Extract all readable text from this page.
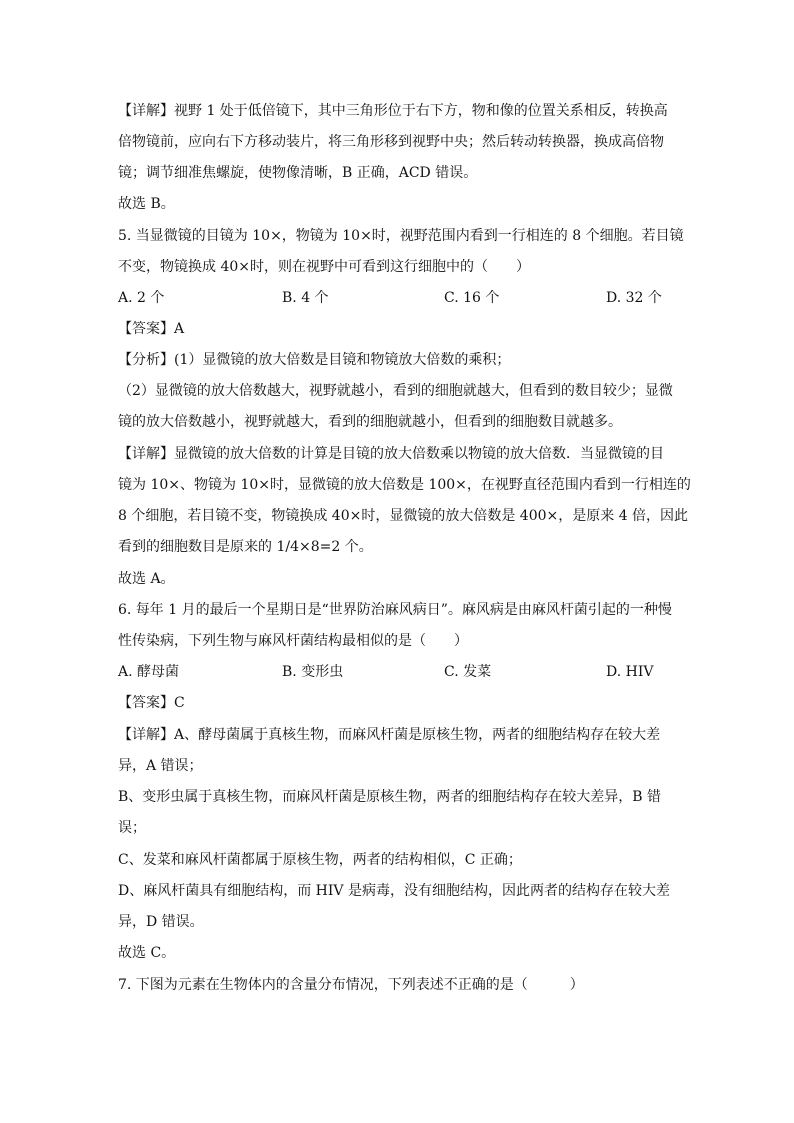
【详解】视野 1 处于低倍镜下，其中三角形位于右下方，物和像的位置关系相反，转换高
倍物镜前，应向右下方移动装片，将三角形移到视野中央；然后转动转换器，换成高倍物
镜；调节细准焦螺旋，使物像清晰，B 正确，ACD 错误。
故选 B。
5. 当显微镜的目镜为 10×，物镜为 10×时，视野范围内看到一行相连的 8 个细胞。若目镜
不变，物镜换成 40×时，则在视野中可看到这行细胞中的（　　）
A. 2 个	B. 4 个	C. 16 个	D. 32 个
【答案】A
【分析】(1）显微镜的放大倍数是目镜和物镜放大倍数的乘积；
（2）显微镜的放大倍数越大，视野就越小，看到的细胞就越大，但看到的数目较少；显微
镜的放大倍数越小，视野就越大，看到的细胞就越小，但看到的细胞数目就越多。
【详解】显微镜的放大倍数的计算是目镜的放大倍数乘以物镜的放大倍数．当显微镜的目
镜为 10×、物镜为 10×时，显微镜的放大倍数是 100×，在视野直径范围内看到一行相连的
8 个细胞，若目镜不变，物镜换成 40×时，显微镜的放大倍数是 400×，是原来 4 倍，因此
看到的细胞数目是原来的 1/4×8=2 个。
故选 A。
6. 每年 1 月的最后一个星期日是“世界防治麻风病日”。麻风病是由麻风杆菌引起的一种慢
性传染病，下列生物与麻风杆菌结构最相似的是（　　）
A. 酵母菌	B. 变形虫	C. 发菜	D. HIV
【答案】C
【详解】A、酵母菌属于真核生物，而麻风杆菌是原核生物，两者的细胞结构存在较大差
异，A 错误；
B、变形虫属于真核生物，而麻风杆菌是原核生物，两者的细胞结构存在较大差异，B 错
误；
C、发菜和麻风杆菌都属于原核生物，两者的结构相似，C 正确；
D、麻风杆菌具有细胞结构，而 HIV 是病毒，没有细胞结构，因此两者的结构存在较大差
异，D 错误。
故选 C。
7. 下图为元素在生物体内的含量分布情况，下列表述不正确的是（　　　）
